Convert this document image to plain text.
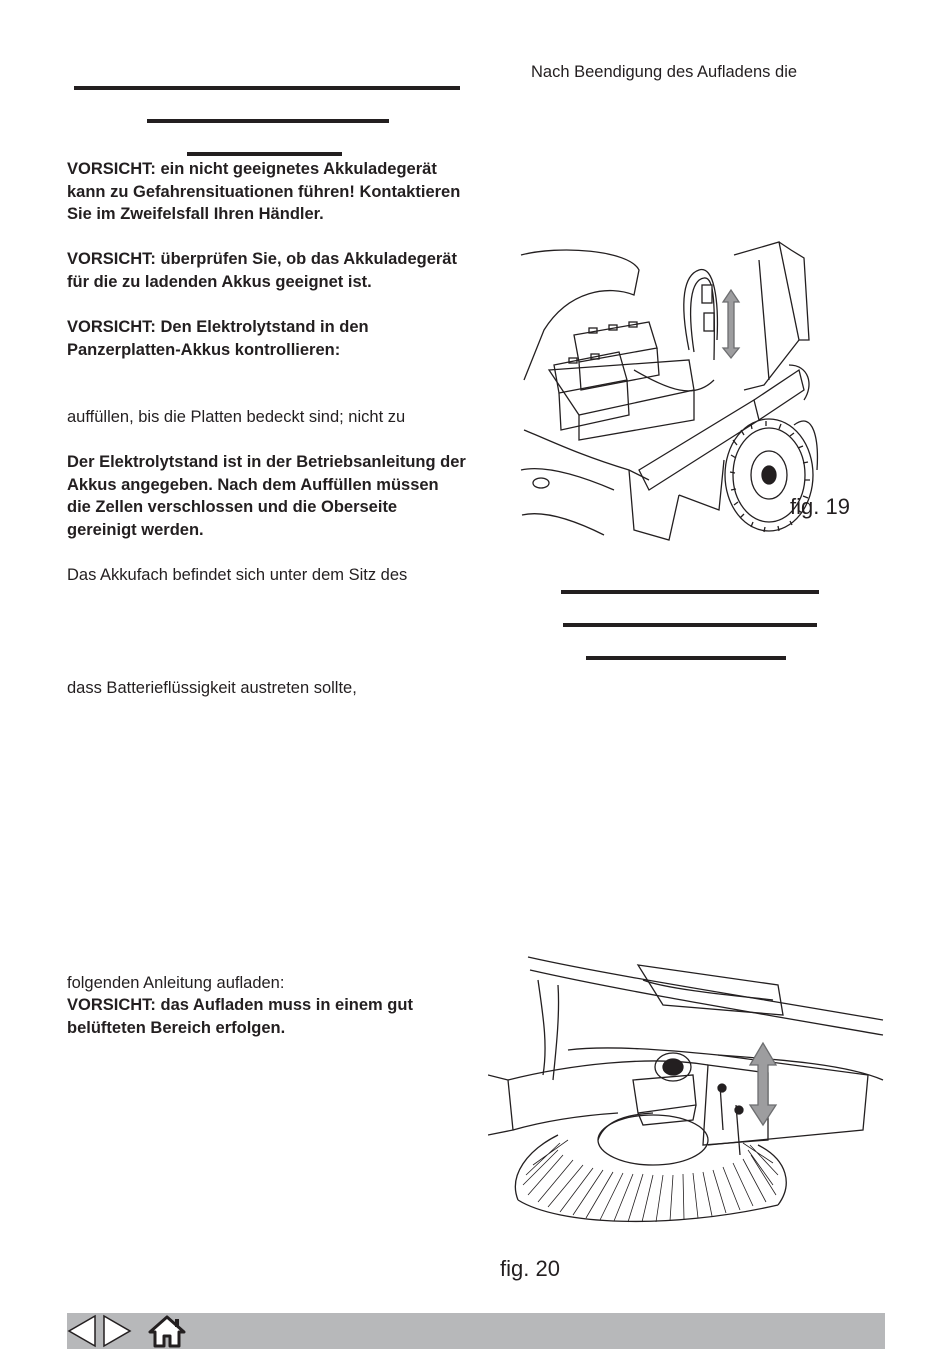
Nach Beendigung des Aufladens die

VORSICHT: ein nicht geeignetes Akkuladegerät kann zu Gefahrensituationen führen! Kontaktieren Sie im Zweifelsfall Ihren Händler.

VORSICHT: überprüfen Sie, ob das Akkuladegerät für die zu ladenden Akkus geeignet ist.

VORSICHT: Den Elektrolytstand in den Panzerplatten-Akkus kontrollieren:

auffüllen, bis die Platten bedeckt sind; nicht zu

Der Elektrolytstand ist in der Betriebsanleitung der Akkus angegeben. Nach dem Auffüllen müssen die Zellen verschlossen und die Oberseite gereinigt werden.

Das Akkufach befindet sich unter dem Sitz des

dass Batterieflüssigkeit austreten sollte,

folgenden Anleitung aufladen:

VORSICHT: das Aufladen muss in einem gut belüfteten Bereich erfolgen.

fig. 19

fig. 20
